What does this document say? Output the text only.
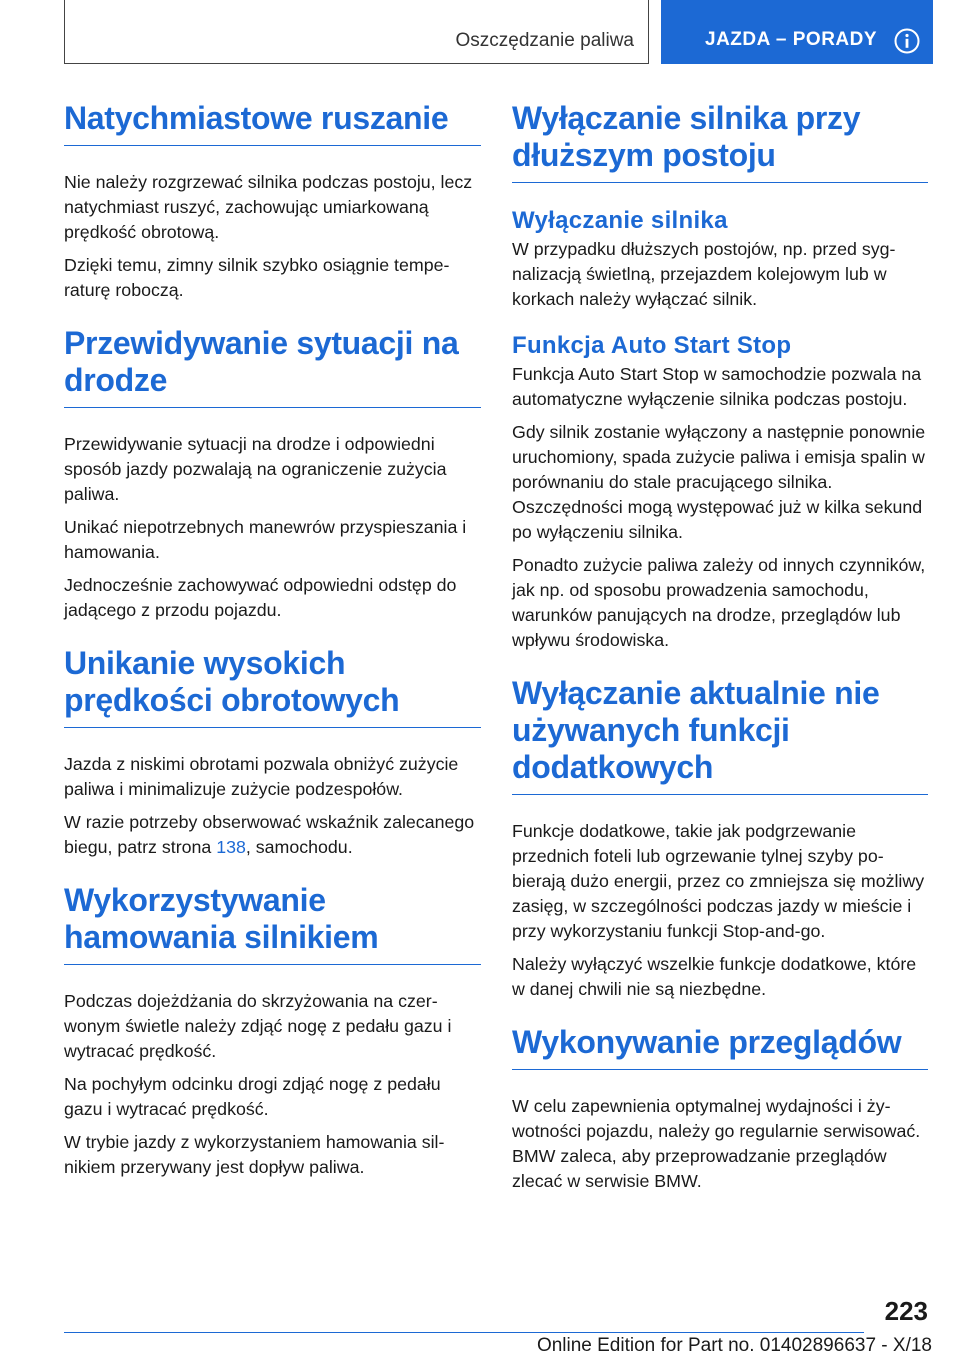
Oszczędzanie paliwa	JAZDA – PORADY
Natychmiastowe ruszanie

Nie należy rozgrzewać silnika podczas postoju, lecz natychmiast ruszyć, zachowując umiarkowaną prędkość obrotową.

Dzięki temu, zimny silnik szybko osiągnie temperaturę roboczą.

Przewidywanie sytuacji na drodze

Przewidywanie sytuacji na drodze i odpowiedni sposób jazdy pozwalają na ograniczenie zużycia paliwa.

Unikać niepotrzebnych manewrów przyspieszania i hamowania.

Jednocześnie zachowywać odpowiedni odstęp do jadącego z przodu pojazdu.

Unikanie wysokich prędkości obrotowych

Jazda z niskimi obrotami pozwala obniżyć zużycie paliwa i minimalizuje zużycie podzespołów.

W razie potrzeby obserwować wskaźnik zalecanego biegu, patrz strona 138, samochodu.

Wykorzystywanie hamowania silnikiem

Podczas dojeżdżania do skrzyżowania na czerwonym świetle należy zdjąć nogę z pedału gazu i wytracać prędkość.

Na pochyłym odcinku drogi zdjąć nogę z pedału gazu i wytracać prędkość.

W trybie jazdy z wykorzystaniem hamowania silnikiem przerywany jest dopływ paliwa.

Wyłączanie silnika przy dłuższym postoju
Wyłączanie silnika

W przypadku dłuższych postojów, np. przed sygnalizacją świetlną, przejazdem kolejowym lub w korkach należy wyłączać silnik.

Funkcja Auto Start Stop

Funkcja Auto Start Stop w samochodzie pozwala na automatyczne wyłączenie silnika podczas postoju.

Gdy silnik zostanie wyłączony a następnie ponownie uruchomiony, spada zużycie paliwa i emisja spalin w porównaniu do stale pracującego silnika. Oszczędności mogą występować już w kilka sekund po wyłączeniu silnika.

Ponadto zużycie paliwa zależy od innych czynników, jak np. od sposobu prowadzenia samochodu, warunków panujących na drodze, przeglądów lub wpływu środowiska.

Wyłączanie aktualnie nie używanych funkcji dodatkowych

Funkcje dodatkowe, takie jak podgrzewanie przednich foteli lub ogrzewanie tylnej szyby pobierają dużo energii, przez co zmniejsza się możliwy zasięg, w szczególności podczas jazdy w mieście i przy wykorzystaniu funkcji Stop-and-go.

Należy wyłączyć wszelkie funkcje dodatkowe, które w danej chwili nie są niezbędne.

Wykonywanie przeglądów

W celu zapewnienia optymalnej wydajności i żywotności pojazdu, należy go regularnie serwisować. BMW zaleca, aby przeprowadzanie przeglądów zlecać w serwisie BMW.

223
Online Edition for Part no. 01402896637 - X/18
